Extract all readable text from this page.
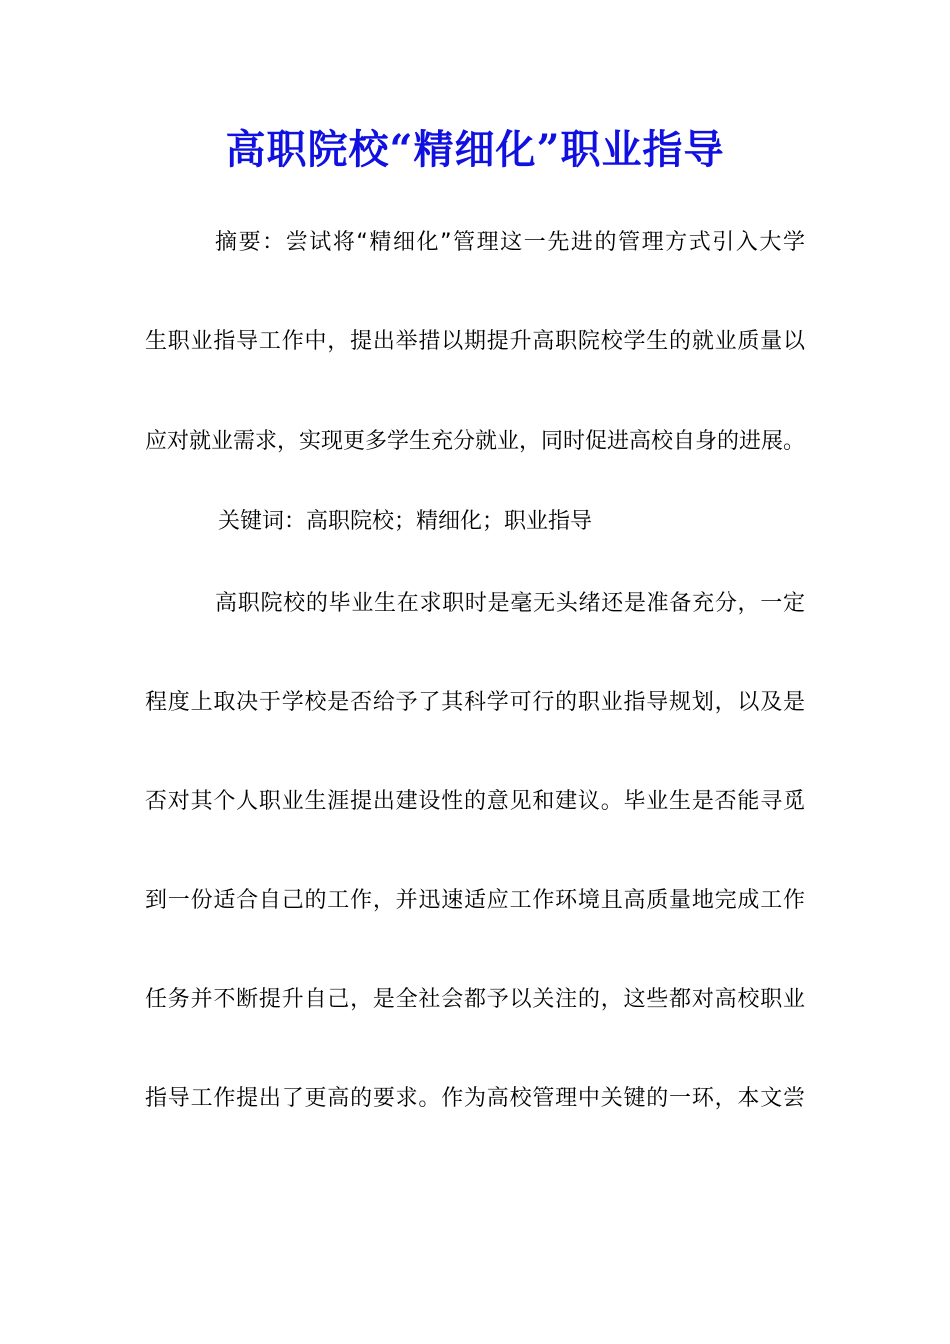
高职院校“精细化”职业指导
摘要：尝试将“精细化”管理这一先进的管理方式引入大学
生职业指导工作中，提出举措以期提升高职院校学生的就业质量以
应对就业需求，实现更多学生充分就业，同时促进高校自身的进展。
关键词：高职院校；精细化；职业指导
高职院校的毕业生在求职时是毫无头绪还是准备充分，一定
程度上取决于学校是否给予了其科学可行的职业指导规划，以及是
否对其个人职业生涯提出建设性的意见和建议。毕业生是否能寻觅
到一份适合自己的工作，并迅速适应工作环境且高质量地完成工作
任务并不断提升自己，是全社会都予以关注的，这些都对高校职业
指导工作提出了更高的要求。作为高校管理中关键的一环，本文尝
